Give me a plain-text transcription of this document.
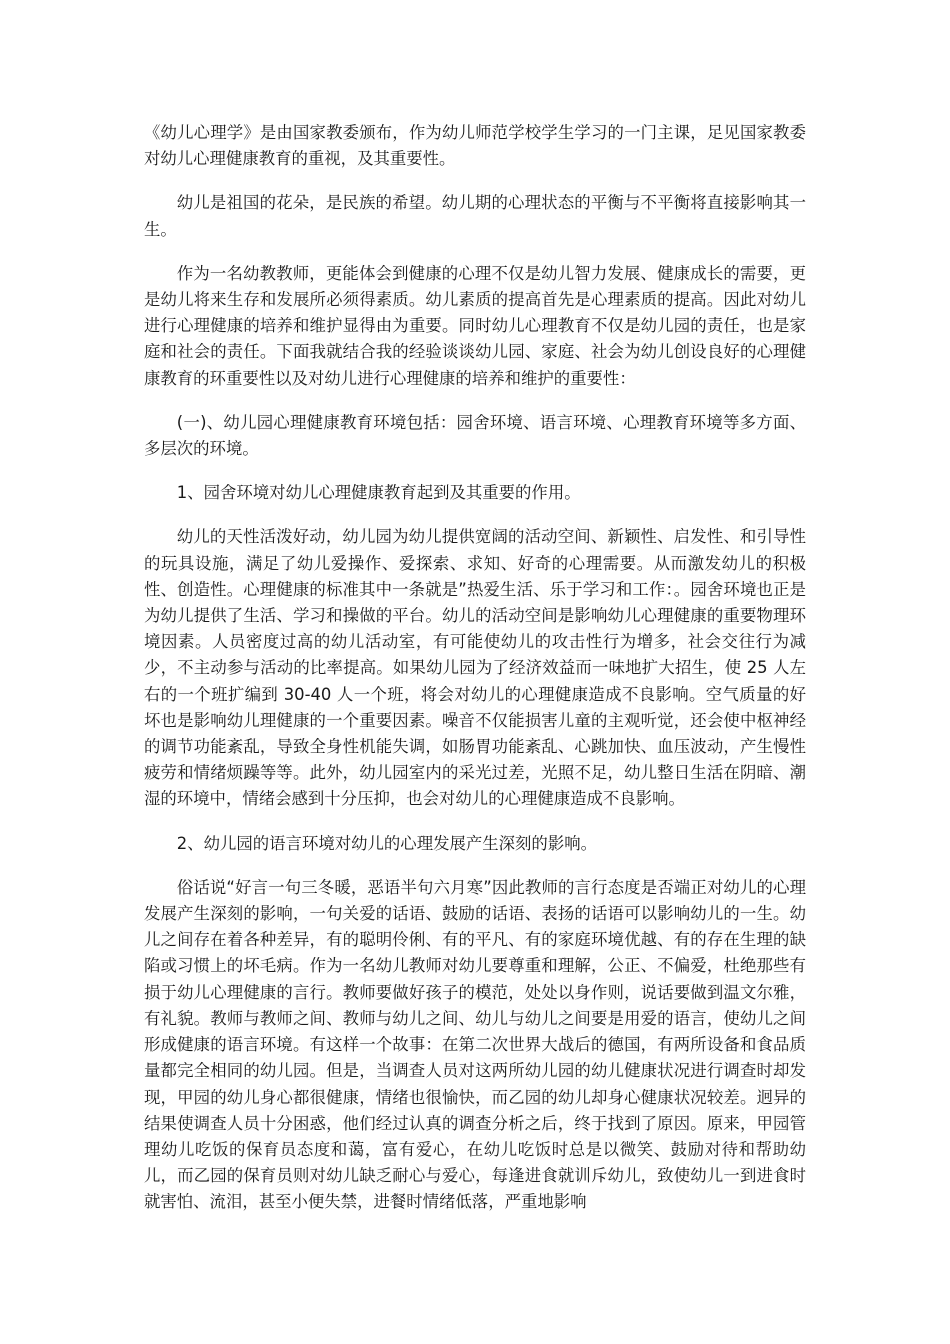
《幼儿心理学》是由国家教委颁布，作为幼儿师范学校学生学习的一门主课，足见国家教委对幼儿心理健康教育的重视，及其重要性。

幼儿是祖国的花朵，是民族的希望。幼儿期的心理状态的平衡与不平衡将直接影响其一生。

作为一名幼教教师，更能体会到健康的心理不仅是幼儿智力发展、健康成长的需要，更是幼儿将来生存和发展所必须得素质。幼儿素质的提高首先是心理素质的提高。因此对幼儿进行心理健康的培养和维护显得由为重要。同时幼儿心理教育不仅是幼儿园的责任，也是家庭和社会的责任。下面我就结合我的经验谈谈幼儿园、家庭、社会为幼儿创设良好的心理健康教育的环重要性以及对幼儿进行心理健康的培养和维护的重要性：

(一)、幼儿园心理健康教育环境包括：园舍环境、语言环境、心理教育环境等多方面、多层次的环境。

1、园舍环境对幼儿心理健康教育起到及其重要的作用。

幼儿的天性活泼好动，幼儿园为幼儿提供宽阔的活动空间、新颖性、启发性、和引导性的玩具设施，满足了幼儿爱操作、爱探索、求知、好奇的心理需要。从而激发幼儿的积极性、创造性。心理健康的标准其中一条就是”热爱生活、乐于学习和工作：。园舍环境也正是为幼儿提供了生活、学习和操做的平台。幼儿的活动空间是影响幼儿心理健康的重要物理环境因素。人员密度过高的幼儿活动室，有可能使幼儿的攻击性行为增多，社会交往行为减少，不主动参与活动的比率提高。如果幼儿园为了经济效益而一味地扩大招生，使 25 人左右的一个班扩编到 30-40 人一个班，将会对幼儿的心理健康造成不良影响。空气质量的好坏也是影响幼儿理健康的一个重要因素。噪音不仅能损害儿童的主观听觉，还会使中枢神经的调节功能紊乱，导致全身性机能失调，如肠胃功能紊乱、心跳加快、血压波动，产生慢性疲劳和情绪烦躁等等。此外，幼儿园室内的采光过差，光照不足，幼儿整日生活在阴暗、潮湿的环境中，情绪会感到十分压抑，也会对幼儿的心理健康造成不良影响。

2、幼儿园的语言环境对幼儿的心理发展产生深刻的影响。

俗话说“好言一句三冬暖，恶语半句六月寒”因此教师的言行态度是否端正对幼儿的心理发展产生深刻的影响，一句关爱的话语、鼓励的话语、表扬的话语可以影响幼儿的一生。幼儿之间存在着各种差异，有的聪明伶俐、有的平凡、有的家庭环境优越、有的存在生理的缺陷或习惯上的坏毛病。作为一名幼儿教师对幼儿要尊重和理解，公正、不偏爱，杜绝那些有损于幼儿心理健康的言行。教师要做好孩子的模范，处处以身作则，说话要做到温文尔雅，有礼貌。教师与教师之间、教师与幼儿之间、幼儿与幼儿之间要是用爱的语言，使幼儿之间形成健康的语言环境。有这样一个故事：在第二次世界大战后的德国，有两所设备和食品质量都完全相同的幼儿园。但是，当调查人员对这两所幼儿园的幼儿健康状况进行调查时却发现，甲园的幼儿身心都很健康，情绪也很愉快，而乙园的幼儿却身心健康状况较差。迥异的结果使调查人员十分困惑，他们经过认真的调查分析之后，终于找到了原因。原来，甲园管理幼儿吃饭的保育员态度和蔼，富有爱心，在幼儿吃饭时总是以微笑、鼓励对待和帮助幼儿，而乙园的保育员则对幼儿缺乏耐心与爱心，每逢进食就训斥幼儿，致使幼儿一到进食时就害怕、流泪，甚至小便失禁，进餐时情绪低落，严重地影响
